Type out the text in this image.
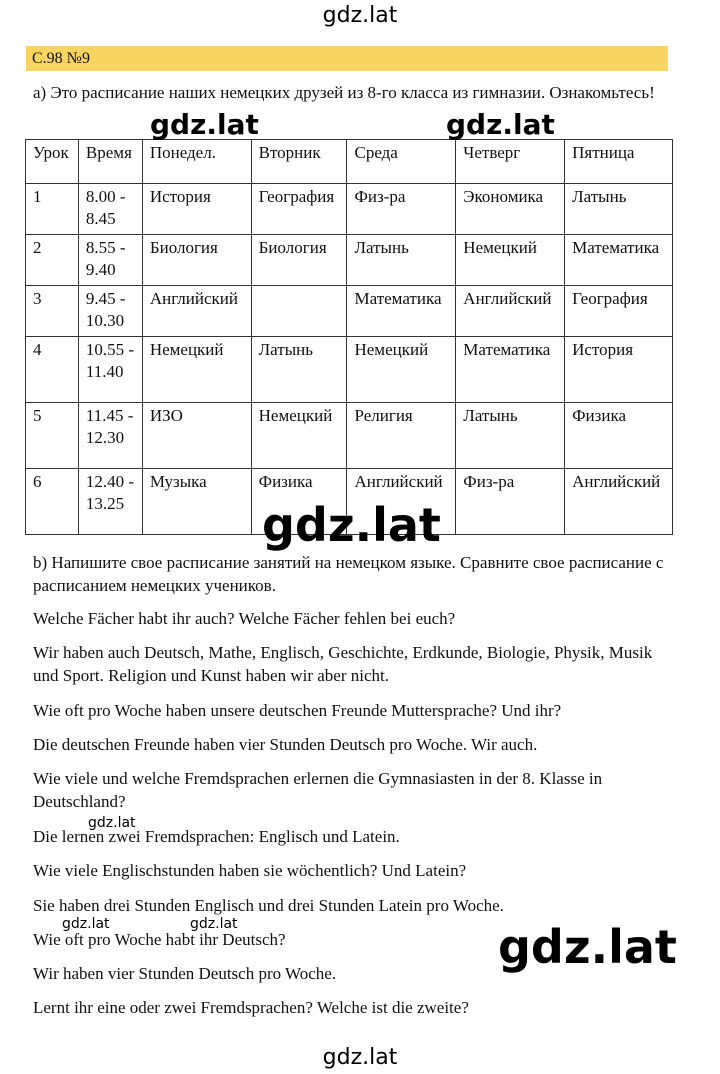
С.98 №9

а) Это расписание наших немецких друзей из 8-го класса из гимназии. Ознакомьтесь!

Урок	Время	Понедел.	Вторник	Среда	Четверг	Пятница
1	8.00 - 8.45	История	География	Физ-ра	Экономика	Латынь
2	8.55 - 9.40	Биология	Биология	Латынь	Немецкий	Математика
3	9.45 - 10.30	Английский		Математика	Английский	География
4	10.55 - 11.40	Немецкий	Латынь	Немецкий	Математика	История
5	11.45 - 12.30	ИЗО	Немецкий	Религия	Латынь	Физика
6	12.40 - 13.25	Музыка	Физика	Английский	Физ-ра	Английский

b) Напишите свое расписание занятий на немецком языке. Сравните свое расписание с расписанием немецких учеников.

Welche Fächer habt ihr auch? Welche Fächer fehlen bei euch?

Wir haben auch Deutsch, Mathe, Englisch, Geschichte, Erdkunde, Biologie, Physik, Musik und Sport. Religion und Kunst haben wir aber nicht.

Wie oft pro Woche haben unsere deutschen Freunde Muttersprache? Und ihr?

Die deutschen Freunde haben vier Stunden Deutsch pro Woche. Wir auch.

Wie viele und welche Fremdsprachen erlernen die Gymnasiasten in der 8. Klasse in Deutschland?

Die lernen zwei Fremdsprachen: Englisch und Latein.

Wie viele Englischstunden haben sie wöchentlich? Und Latein?

Sie haben drei Stunden Englisch und drei Stunden Latein pro Woche.

Wie oft pro Woche habt ihr Deutsch?

Wir haben vier Stunden Deutsch pro Woche.

Lernt ihr eine oder zwei Fremdsprachen? Welche ist die zweite?

gdz.lat
gdz.lat	gdz.lat
gdz.lat
gdz.lat
gdz.lat	gdz.lat	gdz.lat
gdz.lat
